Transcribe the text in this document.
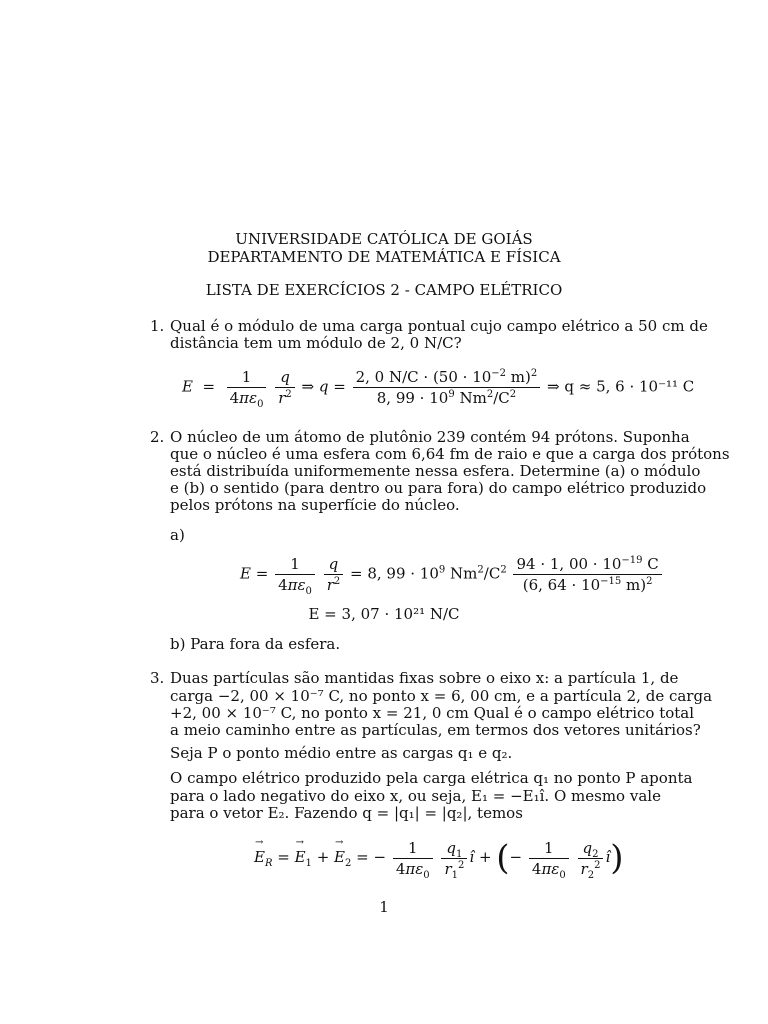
UNIVERSIDADE CATÓLICA DE GOIÁS
DEPARTAMENTO DE MATEMÁTICA E FÍSICA
LISTA DE EXERCÍCIOS 2 - CAMPO ELÉTRICO
1. Qual é o módulo de uma carga pontual cujo campo elétrico a 50 cm de
distância tem um módulo de 2, 0 N/C?
$E = \frac{1}{4\pi\varepsilon_0}$
$\frac{q}{r^2}$ ⇒ $q = \frac{2, 0 N/C \cdot (50 \cdot 10^{-2} m)^2}{8, 99 \cdot 10^9 Nm^2/C^2}$ ⇒ q ≈ 5, 6 · 10⁻¹¹ C
2. O núcleo de um átomo de plutônio 239 contém 94 prótons. Suponha
que o núcleo é uma esfera com 6,64 fm de raio e que a carga dos prótons
está distribuída uniformemente nessa esfera. Determine (a) o módulo
e (b) o sentido (para dentro ou para fora) do campo elétrico produzido
pelos prótons na superfície do núcleo.
a)
$E = \frac{1}{4\pi\varepsilon_0}$
$\frac{q}{r^2} = 8$, $99 \cdot 10^9$ $Nm^2/C^2 \frac{94 \cdot 1, 00 \cdot 10^{-19} C}{(6, 64 \cdot 10^{-15} m)^2}$
E = 3, 07 · 10²¹ N/C
b) Para fora da esfera.
3. Duas partículas são mantidas fixas sobre o eixo x: a partícula 1, de
carga −2, 00 × 10⁻⁷ C, no ponto x = 6, 00 cm, e a partícula 2, de carga
+2, 00 × 10⁻⁷ C, no ponto x = 21, 0 cm Qual é o campo elétrico total
a meio caminho entre as partículas, em termos dos vetores unitários?
Seja P o ponto médio entre as cargas q₁ e q₂.
O campo elétrico produzido pela carga elétrica q₁ no ponto P aponta
para o lado negativo do eixo x, ou seja, E₁ = −E₁î. O mesmo vale
para o vetor E₂. Fazendo q = |q₁| = |q₂|, temos
→ $E_R$ = → $E_1$ + → $E_2$ = − $\frac{1}{4\pi\varepsilon_0}$
$\frac{q_1}{r_1^2}$ î + (− $\frac{1}{4\pi\varepsilon_0}$
$\frac{q_2}{r_2^2}$ î)
1
